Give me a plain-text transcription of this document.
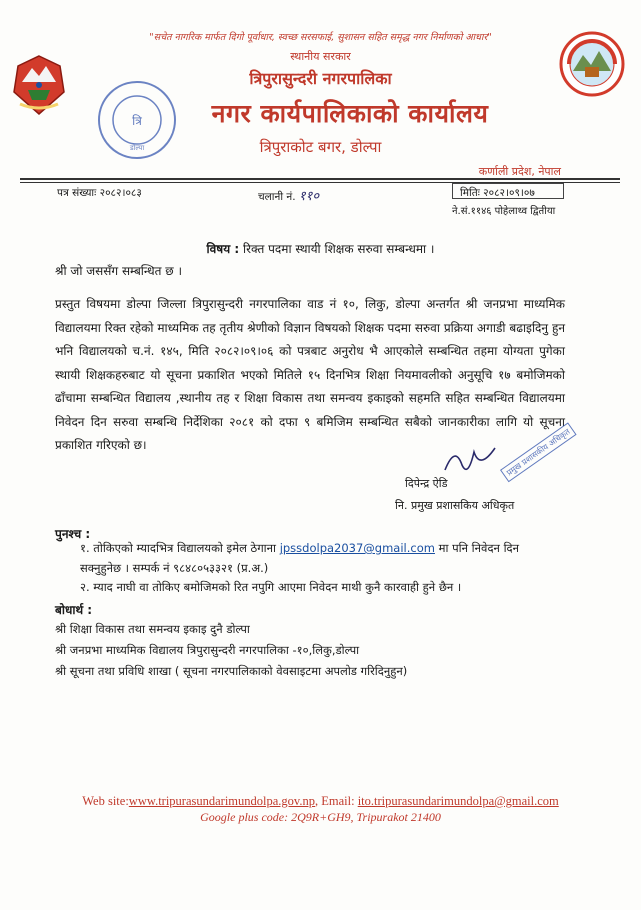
त्रि
डोल्पा
"सचेत नागरिक मार्फत दिगो पूर्वाधार, स्वच्छ सरसफाई, सुशासन सहित समृद्ध नगर निर्माणको आधार"
स्थानीय सरकार
त्रिपुरासुन्दरी नगरपालिका
नगर कार्यपालिकाको कार्यालय
त्रिपुराकोट बगर, डोल्पा
कर्णाली प्रदेश, नेपाल
पत्र संख्याः २०८२।०८३	चलानी नं. ११०	मितिः २०८२।०९।०७
ने.सं.११४६ पोहेलाथ्व द्वितीया
विषय : रिक्त पदमा स्थायी शिक्षक सरुवा सम्बन्धमा ।
श्री जो जससँग सम्बन्धित छ ।
प्रस्तुत विषयमा डोल्पा जिल्ला त्रिपुरासुन्दरी नगरपालिका वाड नं १०, लिकु, डोल्पा अन्तर्गत श्री जनप्रभा माध्यमिक विद्यालयमा रिक्त रहेको माध्यमिक तह तृतीय श्रेणीको विज्ञान विषयको शिक्षक पदमा सरुवा प्रक्रिया अगाडी बढाइदिनु हुन भनि विद्यालयको च.नं. १४५, मिति २०८२।०९।०६ को पत्रबाट अनुरोध भै आएकोले सम्बन्धित तहमा योग्यता पुगेका स्थायी शिक्षकहरुबाट यो सूचना प्रकाशित भएको मितिले १५ दिनभित्र शिक्षा नियमावलीको अनुसूचि १७ बमोजिमको ढाँचामा सम्बन्धित विद्यालय ,स्थानीय तह र शिक्षा विकास तथा समन्वय इकाइको सहमति सहित सम्बन्धित विद्यालयमा निवेदन दिन सरुवा सम्बन्धि निर्देशिका २०८१ को दफा ९ बमिजिम सम्बन्धित सबैको जानकारीका लागि यो सूचना प्रकाशित गरिएको छ।
दिपेन्द्र ऐडि
नि. प्रमुख प्रशासकिय अधिकृत
प्रमुख प्रशासकीय अधिकृत
पुनश्च :
१. तोकिएको म्यादभित्र विद्यालयको इमेल ठेगाना jpssdolpa2037@gmail.com मा पनि निवेदन दिन सक्नुहुनेछ । सम्पर्क नं ९८४८०५३३२१ (प्र.अ.)
२. म्याद नाघी वा तोकिए बमोजिमको रित नपुगि आएमा निवेदन माथी कुनै कारवाही हुने छैन ।
बोधार्थ :
श्री शिक्षा विकास तथा समन्वय इकाइ दुनै डोल्पा
श्री जनप्रभा माध्यमिक विद्यालय त्रिपुरासुन्दरी नगरपालिका -१०,लिकु,डोल्पा
श्री सूचना तथा प्रविधि शाखा ( सूचना नगरपालिकाको वेवसाइटमा अपलोड गरिदिनुहुन)
Web site:www.tripurasundarimundolpa.gov.np, Email: ito.tripurasundarimundolpa@gmail.com
Google plus code: 2Q9R+GH9, Tripurakot 21400
